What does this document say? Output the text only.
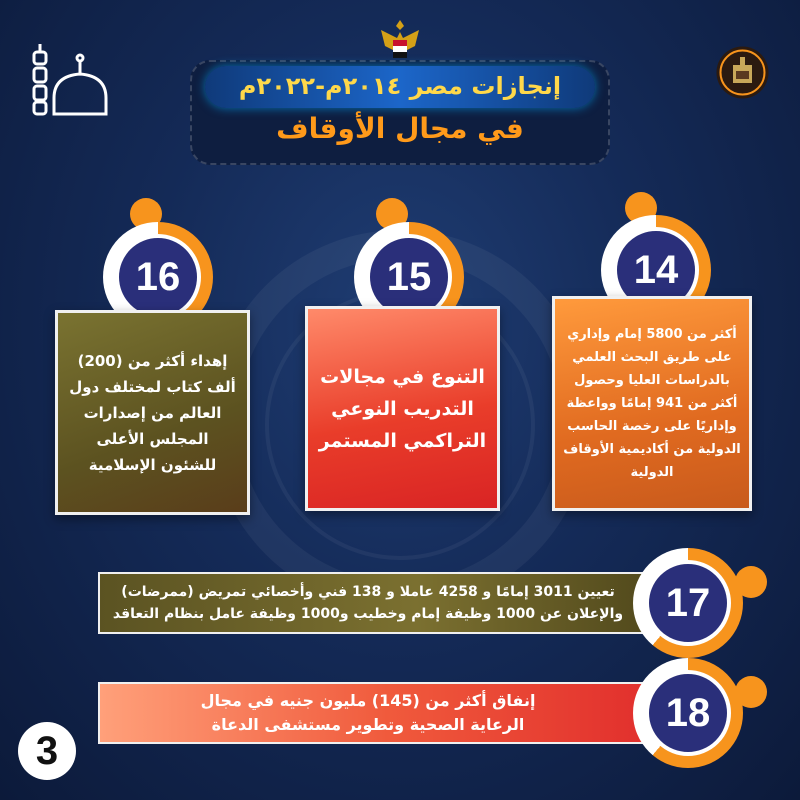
إنجازات مصر ٢٠١٤م-٢٠٢٢م
في مجال الأوقاف
16
إهداء أكثر من (200) ألف كتاب لمختلف دول العالم من إصدارات المجلس الأعلى للشئون الإسلامية
15
التنوع في مجالات التدريب النوعي التراكمي المستمر
14
أكثر من 5800 إمام وإداري على طريق البحث العلمي بالدراسات العليا وحصول أكثر من 941 إمامًا وواعظة وإداريًا على رخصة الحاسب الدولية من أكاديمية الأوقاف الدولية
تعيين 3011 إمامًا و 4258 عاملا و 138 فني وأخصائي تمريض (ممرضات)
والإعلان عن 1000 وظيفة إمام وخطيب و1000 وظيفة عامل بنظام التعاقد	17
إنفاق أكثر من (145) مليون جنيه في مجال
الرعاية الصحية وتطوير مستشفى الدعاة	18
3
